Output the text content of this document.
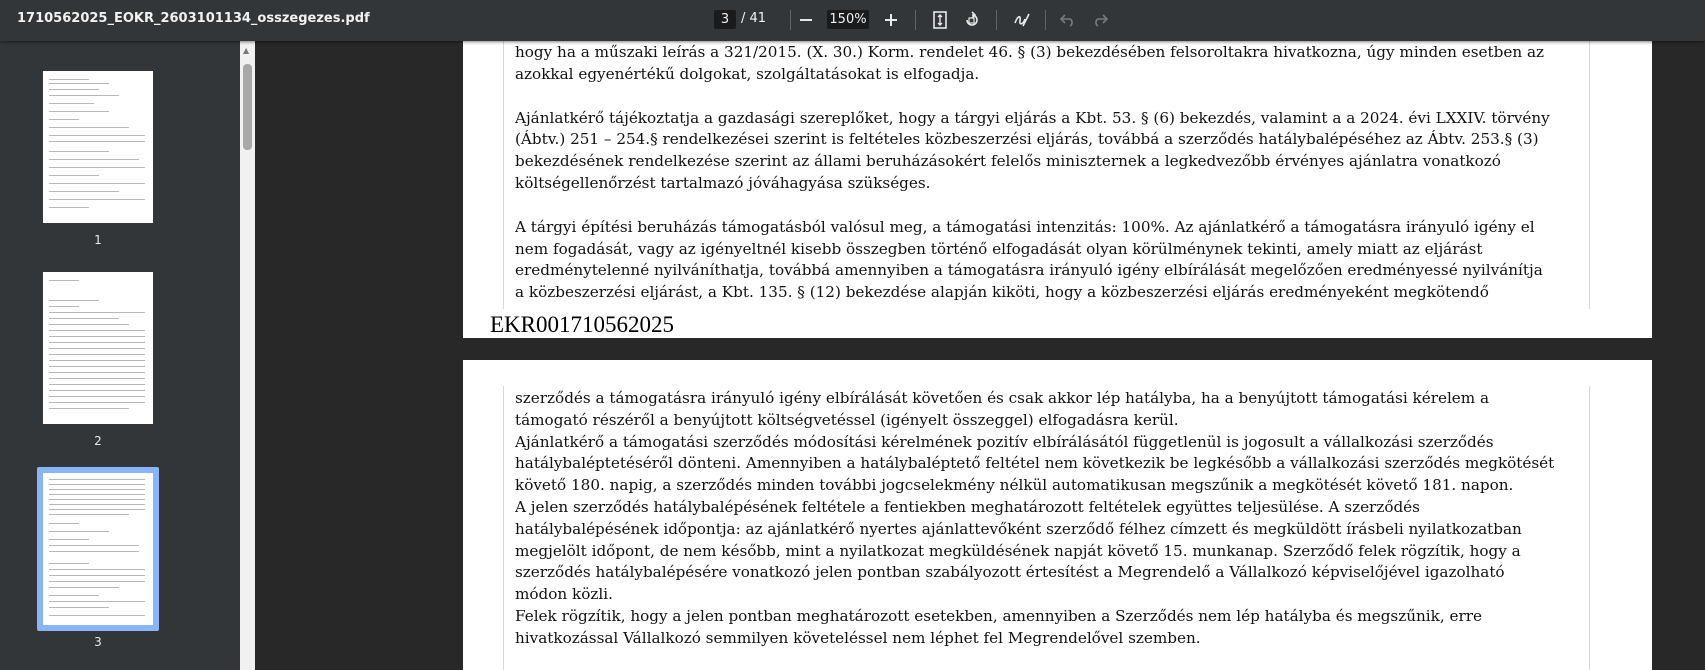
1710562025_EOKR_2603101134_osszegezes.pdf	3 / 41	150%
1
2
3
▲	hogy ha a műszaki leírás a 321/2015. (X. 30.) Korm. rendelet 46. § (3) bekezdésében felsoroltakra hivatkozna, úgy minden esetben az
azokkal egyenértékű dolgokat, szolgáltatásokat is elfogadja.
Ajánlatkérő tájékoztatja a gazdasági szereplőket, hogy a tárgyi eljárás a Kbt. 53. § (6) bekezdés, valamint a a 2024. évi LXXIV. törvény
(Ábtv.) 251 – 254.§ rendelkezései szerint is feltételes közbeszerzési eljárás, továbbá a szerződés hatálybalépéséhez az Ábtv. 253.§ (3)
bekezdésének rendelkezése szerint az állami beruházásokért felelős miniszternek a legkedvezőbb érvényes ajánlatra vonatkozó
költségellenőrzést tartalmazó jóváhagyása szükséges.
A tárgyi építési beruházás támogatásból valósul meg, a támogatási intenzitás: 100%. Az ajánlatkérő a támogatásra irányuló igény el
nem fogadását, vagy az igényeltnél kisebb összegben történő elfogadását olyan körülménynek tekinti, amely miatt az eljárást
eredménytelenné nyilváníthatja, továbbá amennyiben a támogatásra irányuló igény elbírálását megelőzően eredményessé nyilvánítja
a közbeszerzési eljárást, a Kbt. 135. § (12) bekezdése alapján kiköti, hogy a közbeszerzési eljárás eredményeként megkötendő
EKR001710562025
szerződés a támogatásra irányuló igény elbírálását követően és csak akkor lép hatályba, ha a benyújtott támogatási kérelem a
támogató részéről a benyújtott költségvetéssel (igényelt összeggel) elfogadásra kerül.
Ajánlatkérő a támogatási szerződés módosítási kérelmének pozitív elbírálásától függetlenül is jogosult a vállalkozási szerződés
hatálybaléptetéséről dönteni. Amennyiben a hatálybaléptető feltétel nem következik be legkésőbb a vállalkozási szerződés megkötését
követő 180. napig, a szerződés minden további jogcselekmény nélkül automatikusan megszűnik a megkötését követő 181. napon.
A jelen szerződés hatálybalépésének feltétele a fentiekben meghatározott feltételek együttes teljesülése. A szerződés
hatálybalépésének időpontja: az ajánlatkérő nyertes ajánlattevőként szerződő félhez címzett és megküldött írásbeli nyilatkozatban
megjelölt időpont, de nem később, mint a nyilatkozat megküldésének napját követő 15. munkanap. Szerződő felek rögzítik, hogy a
szerződés hatálybalépésére vonatkozó jelen pontban szabályozott értesítést a Megrendelő a Vállalkozó képviselőjével igazolható
módon közli.
Felek rögzítik, hogy a jelen pontban meghatározott esetekben, amennyiben a Szerződés nem lép hatályba és megszűnik, erre
hivatkozással Vállalkozó semmilyen követeléssel nem léphet fel Megrendelővel szemben.
